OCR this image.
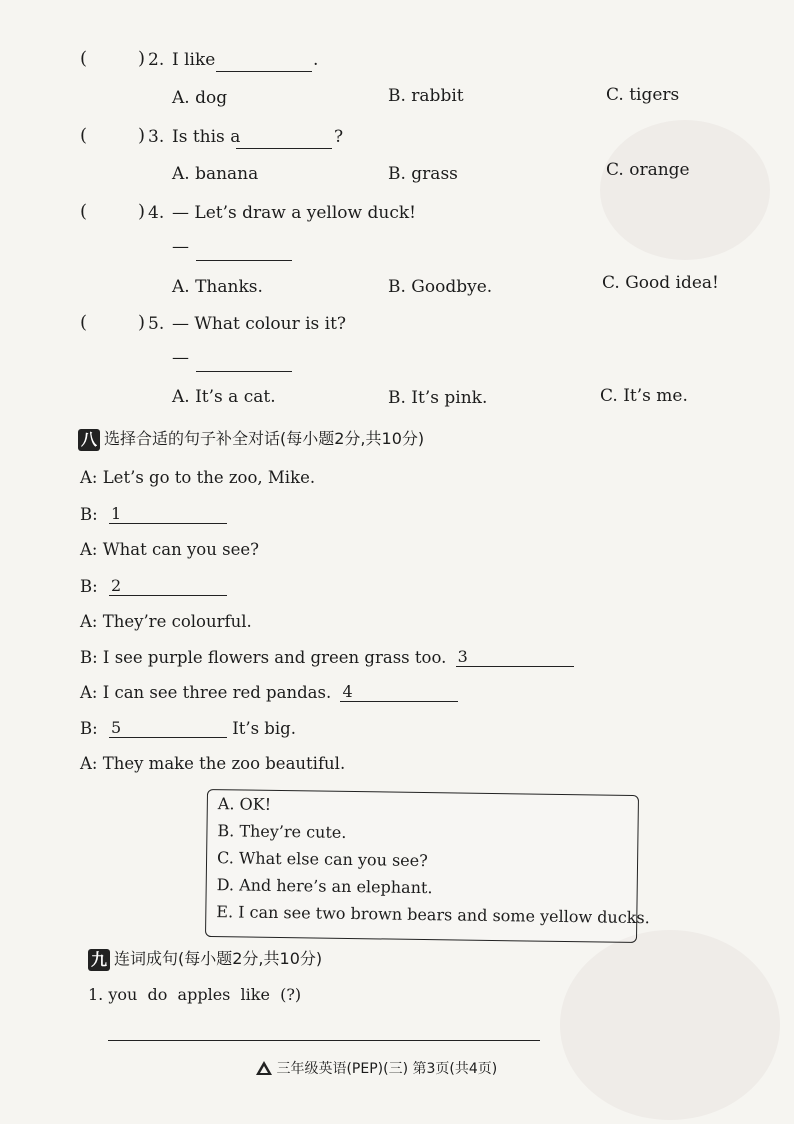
(	) 2. I like	.
A. dog	B. rabbit	C. tigers
(	) 3. Is this a	?
A. banana	B. grass	C. orange
(	) 4. — Let’s draw a yellow duck!
—
A. Thanks.	B. Goodbye.	C. Good idea!
(	) 5. — What colour is it?
—
A. It’s a cat.	B. It’s pink.	C. It’s me.
八 选择合适的句子补全对话(每小题2分,共10分)
A: Let’s go to the zoo, Mike.
B: 1
A: What can you see?
B: 2
A: They’re colourful.
B: I see purple flowers and green grass too. 3
A: I can see three red pandas. 4
B: 5	It’s big.
A: They make the zoo beautiful.
A. OK!
B. They’re cute.
C. What else can you see?
D. And here’s an elephant.
E. I can see two brown bears and some yellow ducks.
九 连词成句(每小题2分,共10分)
1. you  do  apples  like  (?)
三年级英语(PEP)(三) 第3页(共4页)
